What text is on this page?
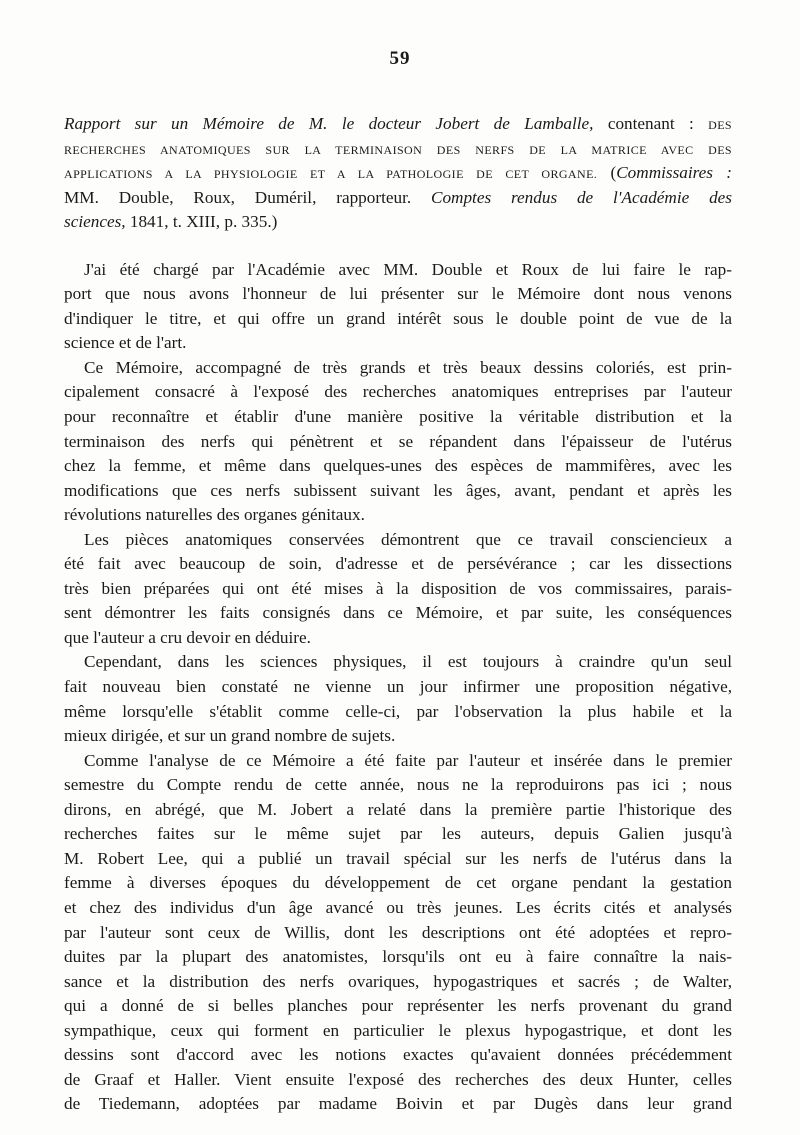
59
Rapport sur un Mémoire de M. le docteur Jobert de Lamballe, contenant : DES
RECHERCHES ANATOMIQUES SUR LA TERMINAISON DES NERFS DE LA MATRICE AVEC DES
APPLICATIONS A LA PHYSIOLOGIE ET A LA PATHOLOGIE DE CET ORGANE. (Commissaires :
MM. Double, Roux, Duméril, rapporteur. Comptes rendus de l'Académie des
sciences, 1841, t. XIII, p. 335.)
J'ai été chargé par l'Académie avec MM. Double et Roux de lui faire le rap-
port que nous avons l'honneur de lui présenter sur le Mémoire dont nous venons
d'indiquer le titre, et qui offre un grand intérêt sous le double point de vue de la
science et de l'art.
Ce Mémoire, accompagné de très grands et très beaux dessins coloriés, est prin-
cipalement consacré à l'exposé des recherches anatomiques entreprises par l'auteur
pour reconnaître et établir d'une manière positive la véritable distribution et la
terminaison des nerfs qui pénètrent et se répandent dans l'épaisseur de l'utérus
chez la femme, et même dans quelques-unes des espèces de mammifères, avec les
modifications que ces nerfs subissent suivant les âges, avant, pendant et après les
révolutions naturelles des organes génitaux.
Les pièces anatomiques conservées démontrent que ce travail consciencieux a
été fait avec beaucoup de soin, d'adresse et de persévérance ; car les dissections
très bien préparées qui ont été mises à la disposition de vos commissaires, parais-
sent démontrer les faits consignés dans ce Mémoire, et par suite, les conséquences
que l'auteur a cru devoir en déduire.
Cependant, dans les sciences physiques, il est toujours à craindre qu'un seul
fait nouveau bien constaté ne vienne un jour infirmer une proposition négative,
même lorsqu'elle s'établit comme celle-ci, par l'observation la plus habile et la
mieux dirigée, et sur un grand nombre de sujets.
Comme l'analyse de ce Mémoire a été faite par l'auteur et insérée dans le premier
semestre du Compte rendu de cette année, nous ne la reproduirons pas ici ; nous
dirons, en abrégé, que M. Jobert a relaté dans la première partie l'historique des
recherches faites sur le même sujet par les auteurs, depuis Galien jusqu'à
M. Robert Lee, qui a publié un travail spécial sur les nerfs de l'utérus dans la
femme à diverses époques du développement de cet organe pendant la gestation
et chez des individus d'un âge avancé ou très jeunes. Les écrits cités et analysés
par l'auteur sont ceux de Willis, dont les descriptions ont été adoptées et repro-
duites par la plupart des anatomistes, lorsqu'ils ont eu à faire connaître la nais-
sance et la distribution des nerfs ovariques, hypogastriques et sacrés ; de Walter,
qui a donné de si belles planches pour représenter les nerfs provenant du grand
sympathique, ceux qui forment en particulier le plexus hypogastrique, et dont les
dessins sont d'accord avec les notions exactes qu'avaient données précédemment
de Graaf et Haller. Vient ensuite l'exposé des recherches des deux Hunter, celles
de Tiedemann, adoptées par madame Boivin et par Dugès dans leur grand
